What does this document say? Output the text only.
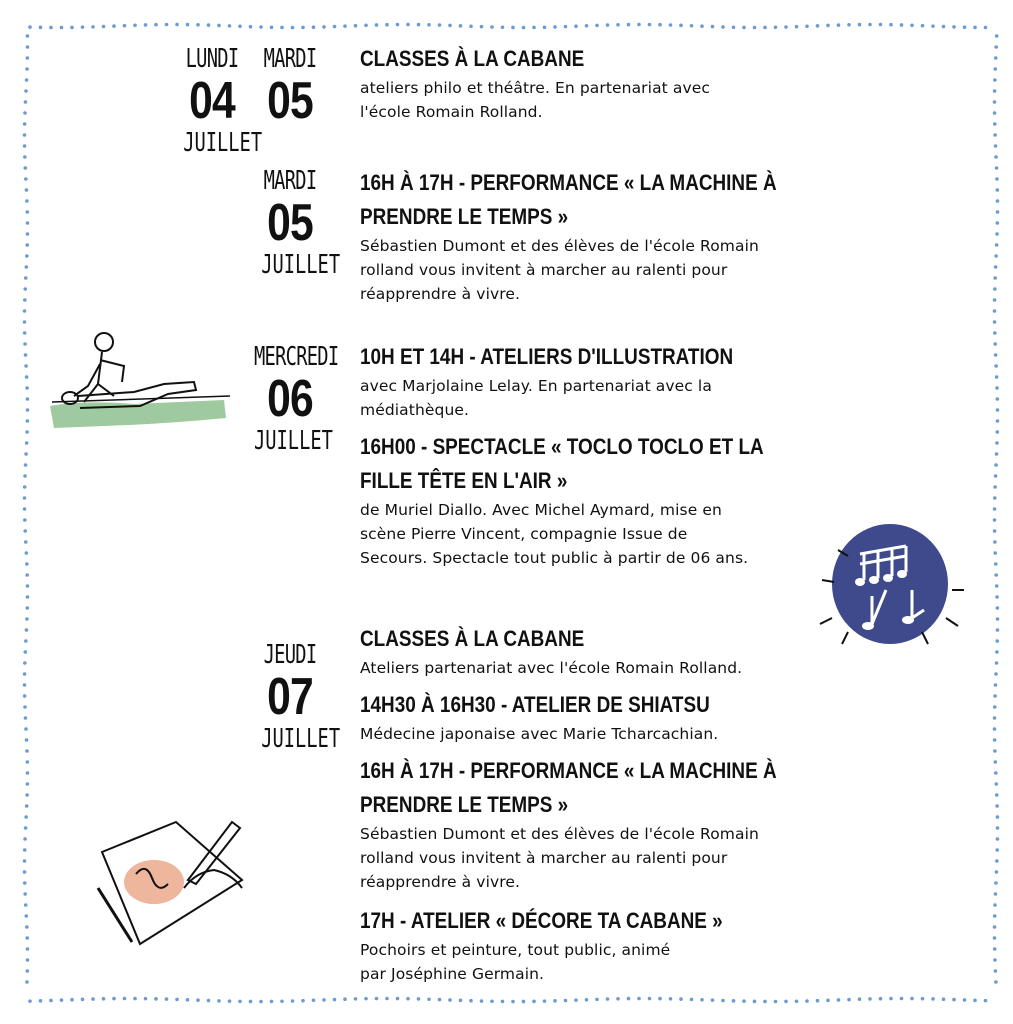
LUNDI
04
JUILLET
MARDI
05
MARDI
05
JUILLET
MERCREDI
06
JUILLET
JEUDI
07
JUILLET
CLASSES À LA CABANE
ateliers philo et théâtre. En partenariat avec
l'école Romain Rolland.
16H À 17H - PERFORMANCE « LA MACHINE À
PRENDRE LE TEMPS »
Sébastien Dumont et des élèves de l'école Romain
rolland vous invitent à marcher au ralenti pour
réapprendre à vivre.
10H ET 14H - ATELIERS D'ILLUSTRATION
avec Marjolaine Lelay. En partenariat avec la
médiathèque.
16H00 - SPECTACLE « TOCLO TOCLO ET LA
FILLE TÊTE EN L'AIR »
de Muriel Diallo. Avec Michel Aymard, mise en
scène Pierre Vincent, compagnie Issue de
Secours. Spectacle tout public à partir de 06 ans.
CLASSES À LA CABANE
Ateliers partenariat avec l'école Romain Rolland.
14H30 À 16H30 - ATELIER DE SHIATSU
Médecine japonaise avec Marie Tcharcachian.
16H À 17H - PERFORMANCE « LA MACHINE À
PRENDRE LE TEMPS »
Sébastien Dumont et des élèves de l'école Romain
rolland vous invitent à marcher au ralenti pour
réapprendre à vivre.
17H - ATELIER « DÉCORE TA CABANE »
Pochoirs et peinture, tout public, animé
par Joséphine Germain.
